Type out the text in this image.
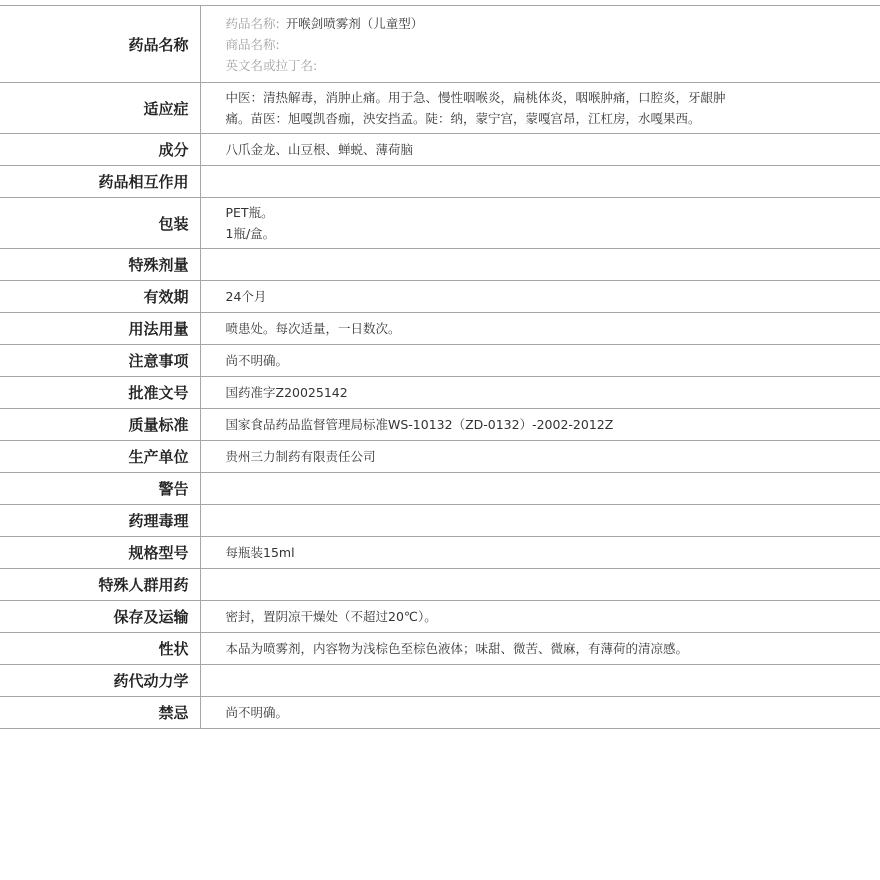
药品名称	药品名称: 开喉剑喷雾剂（儿童型）
商品名称:
英文名或拉丁名:

适应症	中医：清热解毒，消肿止痛。用于急、慢性咽喉炎，扁桃体炎，咽喉肿痛，口腔炎，牙龈肿
痛。苗医：旭嘎凯沓痂，泱安挡孟。陡：纳，蒙宁宫，蒙嘎宫昂，江杠房，水嘎果西。

成分	八爪金龙、山豆根、蝉蜕、薄荷脑

药品相互作用	
包装	PET瓶。
1瓶/盒。

特殊剂量	
有效期	24个月

用法用量	喷患处。每次适量，一日数次。

注意事项	尚不明确。

批准文号	国药准字Z20025142

质量标准	国家食品药品监督管理局标准WS-10132（ZD-0132）-2002-2012Z

生产单位	贵州三力制药有限责任公司

警告	
药理毒理	
规格型号	每瓶装15ml

特殊人群用药	
保存及运输	密封，置阴凉干燥处（不超过20℃）。

性状	本品为喷雾剂，内容物为浅棕色至棕色液体；味甜、微苦、微麻，有薄荷的清凉感。

药代动力学	
禁忌	尚不明确。
